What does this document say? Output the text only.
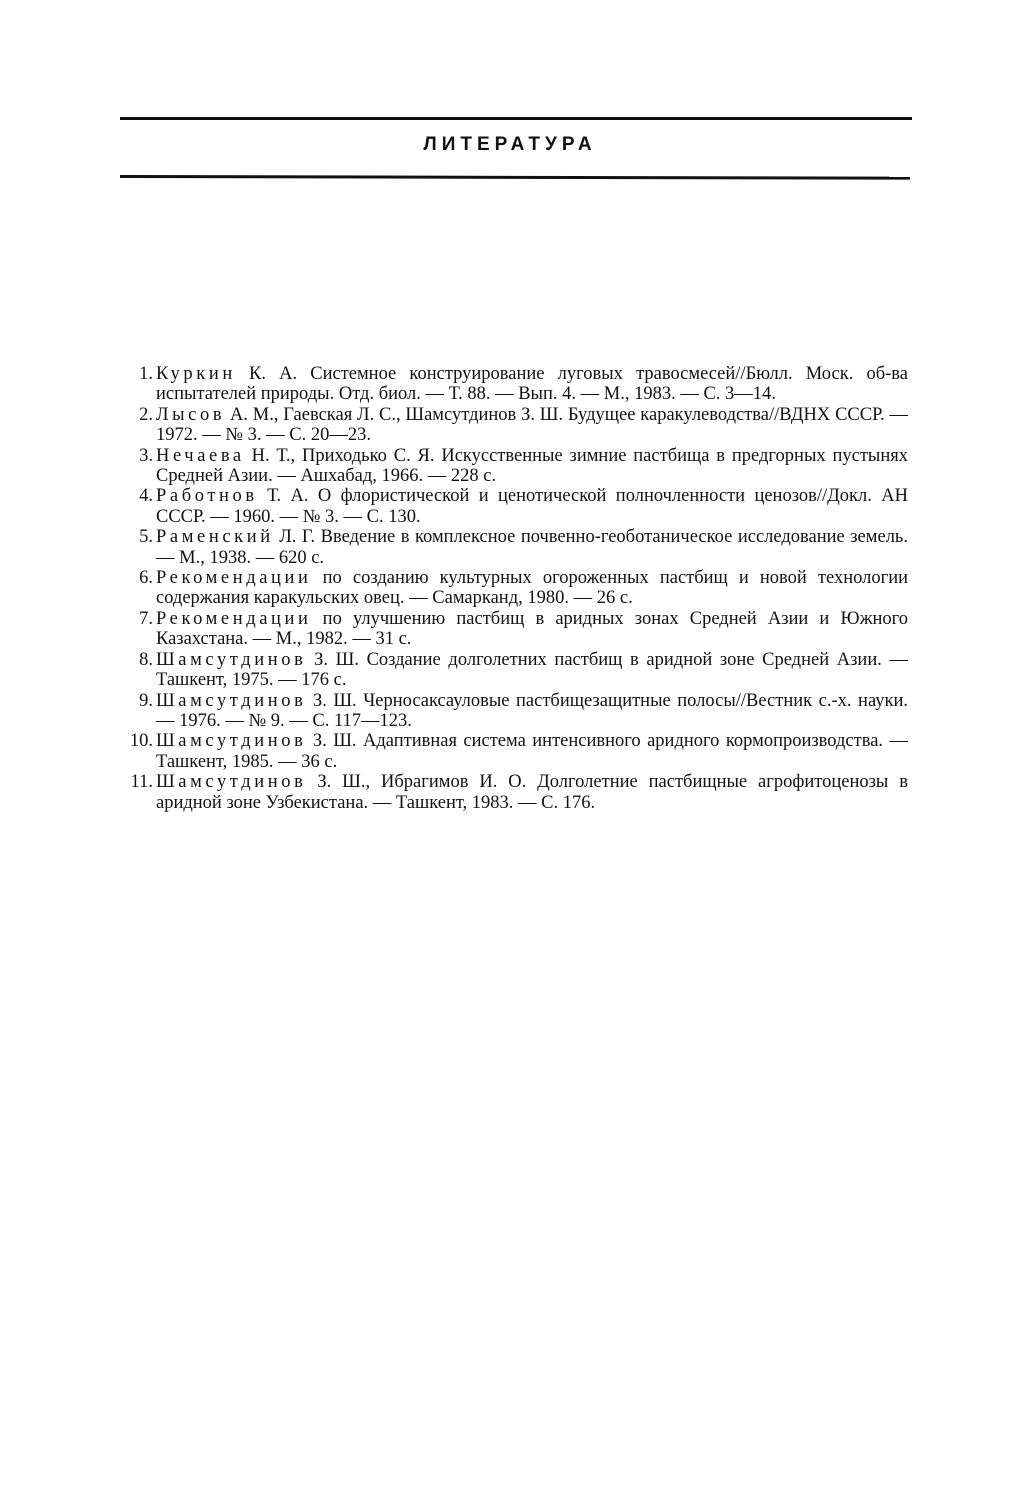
ЛИТЕРАТУРА
1. Куркин К. А. Системное конструирование луговых травосмесей//Бюлл. Моск. об-ва испытателей природы. Отд. биол. — Т. 88. — Вып. 4. — М., 1983. — С. 3—14.
2. Лысов А. М., Гаевская Л. С., Шамсутдинов З. Ш. Будущее каракулеводства//ВДНХ СССР. — 1972. — № 3. — С. 20—23.
3. Нечаева Н. Т., Приходько С. Я. Искусственные зимние пастбища в предгорных пустынях Средней Азии. — Ашхабад, 1966. — 228 с.
4. Работнов Т. А. О флористической и ценотической полночленности ценозов//Докл. АН СССР. — 1960. — № 3. — С. 130.
5. Раменский Л. Г. Введение в комплексное почвенно-геоботаническое исследование земель. — М., 1938. — 620 с.
6. Рекомендации по созданию культурных огороженных пастбищ и новой технологии содержания каракульских овец. — Самарканд, 1980. — 26 с.
7. Рекомендации по улучшению пастбищ в аридных зонах Средней Азии и Южного Казахстана. — М., 1982. — 31 с.
8. Шамсутдинов З. Ш. Создание долголетних пастбищ в аридной зоне Средней Азии. — Ташкент, 1975. — 176 с.
9. Шамсутдинов З. Ш. Черносаксауловые пастбищезащитные полосы//Вестник с.-х. науки. — 1976. — № 9. — С. 117—123.
10. Шамсутдинов З. Ш. Адаптивная система интенсивного аридного кормопроизводства. — Ташкент, 1985. — 36 с.
11. Шамсутдинов З. Ш., Ибрагимов И. О. Долголетние пастбищные агрофитоценозы в аридной зоне Узбекистана. — Ташкент, 1983. — С. 176.
